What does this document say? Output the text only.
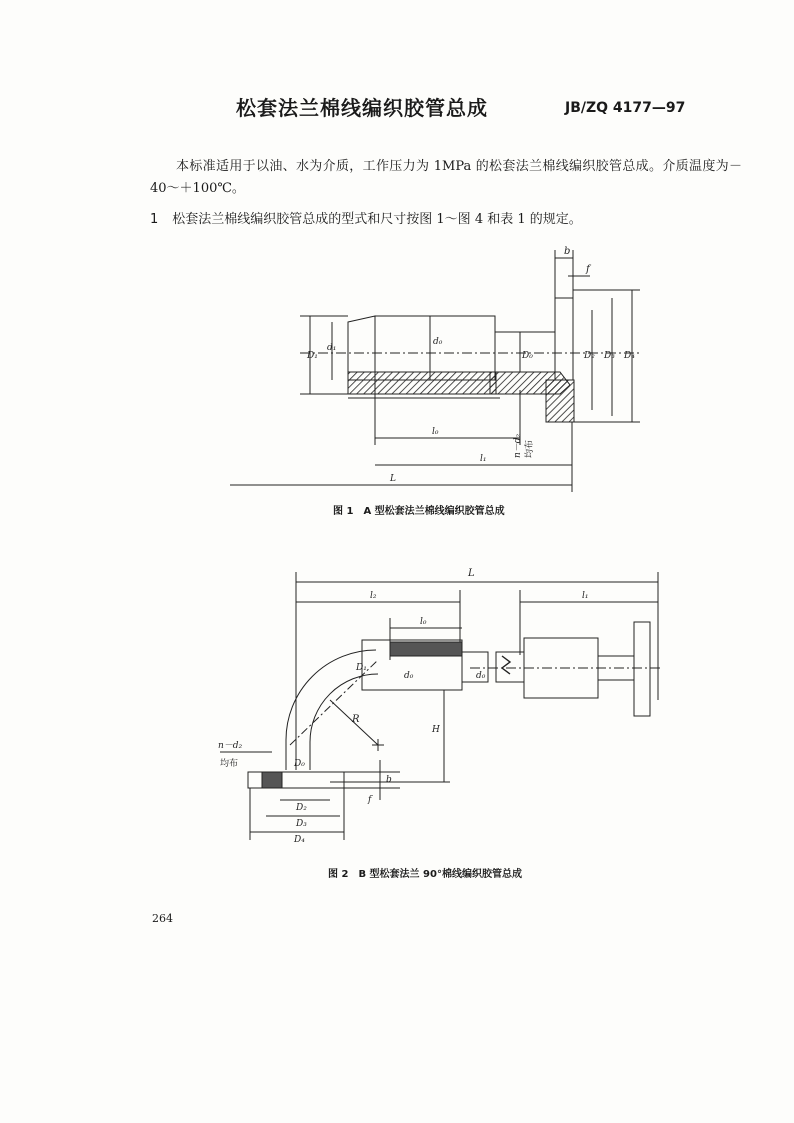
松套法兰棉线编织胶管总成	JB/ZQ 4177—97
本标准适用于以油、水为介质，工作压力为 1MPa 的松套法兰棉线编织胶管总成。介质温度为－40～＋100℃。
1 松套法兰棉线编织胶管总成的型式和尺寸按图 1～图 4 和表 1 的规定。
b
f
D₁
d₁
d₀
D₀	D₂ D₃ D₄
l₀
n－d₂ 均布
l₁
L
图 1　A 型松套法兰棉线编织胶管总成
L
l₂	l₁
l₀
D₁
d₀	d₀
R
H
n－d₂
均布	D₀
b
f
D₂
D₃
D₄
图 2　B 型松套法兰 90°棉线编织胶管总成
264
